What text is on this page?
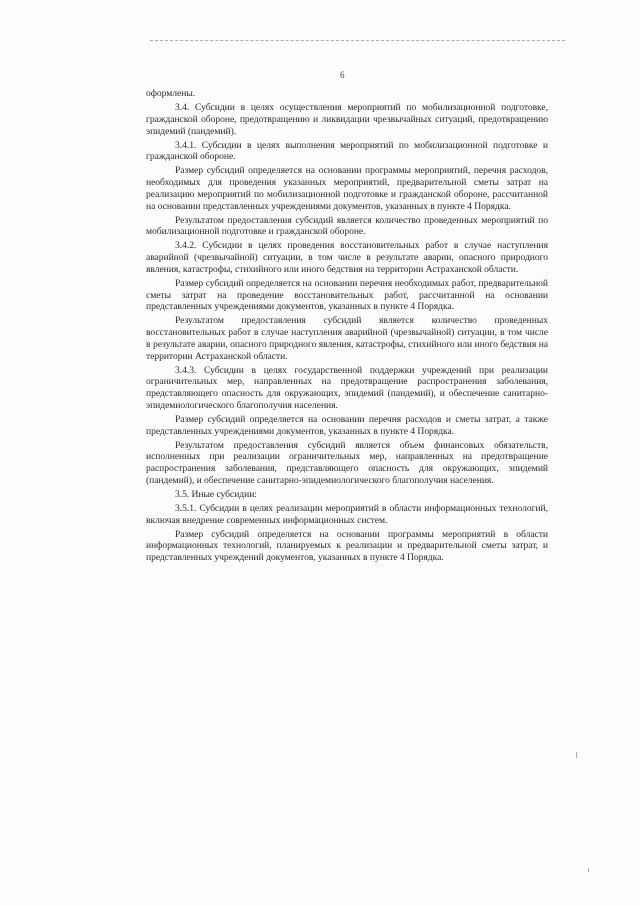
6

оформлены.

3.4. Субсидии в целях осуществления мероприятий по мобилизационной подготовке, гражданской обороне, предотвращению и ликвидации чрезвычайных ситуаций, предотвращению эпидемий (пандемий).

3.4.1. Субсидии в целях выполнения мероприятий по мобилизационной подготовке и гражданской обороне.

Размер субсидий определяется на основании программы мероприятий, перечня расходов, необходимых для проведения указанных мероприятий, предварительной сметы затрат на реализацию мероприятий по мобилизационной подготовке и гражданской обороне, рассчитанной на основании представленных учреждениями документов, указанных в пункте 4 Порядка.

Результатом предоставления субсидий является количество проведенных мероприятий по мобилизационной подготовке и гражданской обороне.

3.4.2. Субсидии в целях проведения восстановительных работ в случае наступления аварийной (чрезвычайной) ситуации, в том числе в результате аварии, опасного природного явления, катастрофы, стихийного или иного бедствия на территории Астраханской области.

Размер субсидий определяется на основании перечня необходимых работ, предварительной сметы затрат на проведение восстановительных работ, рассчитанной на основании представленных учреждениями документов, указанных в пункте 4 Порядка.

Результатом предоставления субсидий является количество проведенных восстановительных работ в случае наступления аварийной (чрезвычайной) ситуации, в том числе в результате аварии, опасного природного явления, катастрофы, стихийного или иного бедствия на территории Астраханской области.

3.4.3. Субсидии в целях государственной поддержки учреждений при реализации ограничительных мер, направленных на предотвращение распространения заболевания, представляющего опасность для окружающих, эпидемий (пандемий), и обеспечение санитарно-эпидемиологического благополучия населения.

Размер субсидий определяется на основании перечня расходов и сметы затрат, а также представленных учреждениями документов, указанных в пункте 4 Порядка.

Результатом предоставления субсидий является объем финансовых обязательств, исполненных при реализации ограничительных мер, направленных на предотвращение распространения заболевания, представляющего опасность для окружающих, эпидемий (пандемий), и обеспечение санитарно-эпидемиологического благополучия населения.

3.5. Иные субсидии:

3.5.1. Субсидии в целях реализации мероприятий в области информационных технологий, включая внедрение современных информационных систем.

Размер субсидий определяется на основании программы мероприятий в области информационных технологий, планируемых к реализации и предварительной сметы затрат, и представленных учреждений документов, указанных в пункте 4 Порядка.
